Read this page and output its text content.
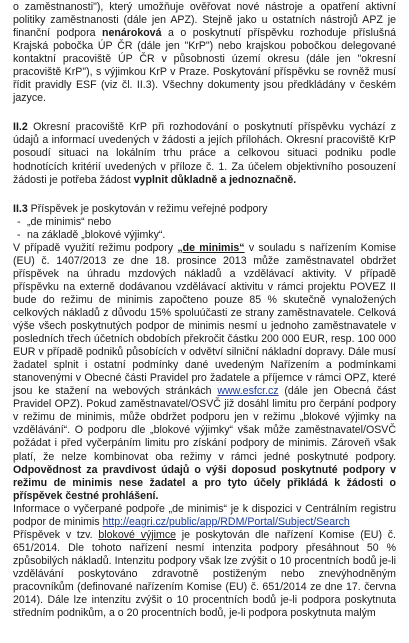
o zaměstnanosti"), který umožňuje ověřovat nové nástroje a opatření aktivní politiky zaměstnanosti (dále jen APZ). Stejně jako u ostatních nástrojů APZ je finanční podpora nenároková a o poskytnutí příspěvku rozhoduje příslušná Krajská pobočka ÚP ČR (dále jen "KrP") nebo krajskou pobočkou delegované kontaktní pracoviště ÚP ČR v působnosti území okresu (dále jen "okresní pracoviště KrP"), s výjimkou KrP v Praze. Poskytování příspěvku se rovněž musí řídit pravidly ESF (viz čl. II.3). Všechny dokumenty jsou předkládány v českém jazyce.

II.2 Okresní pracoviště KrP při rozhodování o poskytnutí příspěvku vychází z údajů a informací uvedených v žádosti a jejích přílohách. Okresní pracoviště KrP posoudí situaci na lokálním trhu práce a celkovou situaci podniku podle hodnotících kritérií uvedených v příloze č. 1. Za účelem objektivního posouzení žádosti je potřeba žádost vyplnit důkladně a jednoznačně.

II.3 Příspěvek je poskytován v režimu veřejné podpory

- „de minimis“ nebo
- na základě „blokové výjimky“.

V případě využití režimu podpory „de minimis“ v souladu s nařízením Komise (EU) č. 1407/2013 ze dne 18. prosince 2013 může zaměstnavatel obdržet příspěvek na úhradu mzdových nákladů a vzdělávací aktivity. V případě příspěvku na externě dodávanou vzdělávací aktivitu v rámci projektu POVEZ II bude do režimu de minimis započteno pouze 85 % skutečně vynaložených celkových nákladů z důvodu 15% spoluúčasti ze strany zaměstnavatele. Celková výše všech poskytnutých podpor de minimis nesmí u jednoho zaměstnavatele v posledních třech účetních obdobích překročit částku 200 000 EUR, resp. 100 000 EUR v případě podniků působících v odvětví silniční nákladní dopravy. Dále musí žadatel splnit i ostatní podmínky dané uvedeným Nařízením a podmínkami stanovenými v Obecné části Pravidel pro žadatele a příjemce v rámci OPZ, které jsou ke stažení na webových stránkách www.esfcr.cz (dále jen Obecná část Pravidel OPZ). Pokud zaměstnavatel/OSVČ již dosáhl limitu pro čerpání podpory v režimu de minimis, může obdržet podporu jen v režimu „blokové výjimky na vzdělávání“. O podporu dle „blokové výjimky“ však může zaměstnavatel/OSVČ požádat i před vyčerpáním limitu pro získání podpory de minimis. Zároveň však platí, že nelze kombinovat oba režimy v rámci jedné poskytnuté podpory. Odpovědnost za pravdivost údajů o výši doposud poskytnuté podpory v režimu de minimis nese žadatel a pro tyto účely přikládá k žádosti o příspěvek čestné prohlášení.

Informace o vyčerpané podpoře „de minimis“ je k dispozici v Centrálním registru podpor de minimis http://eagri.cz/public/app/RDM/Portal/Subject/Search

Příspěvek v tzv. blokové výjimce je poskytován dle nařízení Komise (EU) č. 651/2014. Dle tohoto nařízení nesmí intenzita podpory přesáhnout 50 % způsobilých nákladů. Intenzitu podpory však lze zvýšit o 10 procentních bodů je-li vzdělávání poskytováno zdravotně postiženým nebo znevýhodněným pracovníkům (definované nařízením Komise (EU) č. 651/2014 ze dne 17. června 2014). Dále lze intenzitu zvýšit o 10 procentních bodů je-li podpora poskytnuta středním podnikům, a o 20 procentních bodů, je-li podpora poskytnuta malým
